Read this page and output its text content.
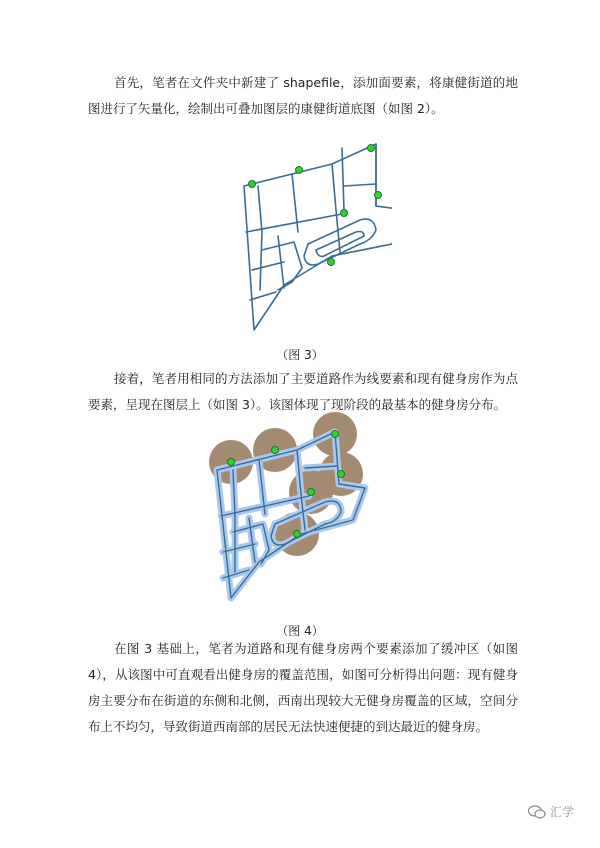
首先，笔者在文件夹中新建了 shapefile，添加面要素，将康健街道的地图进行了矢量化，绘制出可叠加图层的康健街道底图（如图 2）。

（图 3）

接着，笔者用相同的方法添加了主要道路作为线要素和现有健身房作为点要素，呈现在图层上（如图 3）。该图体现了现阶段的最基本的健身房分布。

（图 4）

在图 3 基础上，笔者为道路和现有健身房两个要素添加了缓冲区（如图 4），从该图中可直观看出健身房的覆盖范围，如图可分析得出问题：现有健身房主要分布在街道的东侧和北侧，西南出现较大无健身房覆盖的区域，空间分布上不均匀，导致街道西南部的居民无法快速便捷的到达最近的健身房。

汇学
